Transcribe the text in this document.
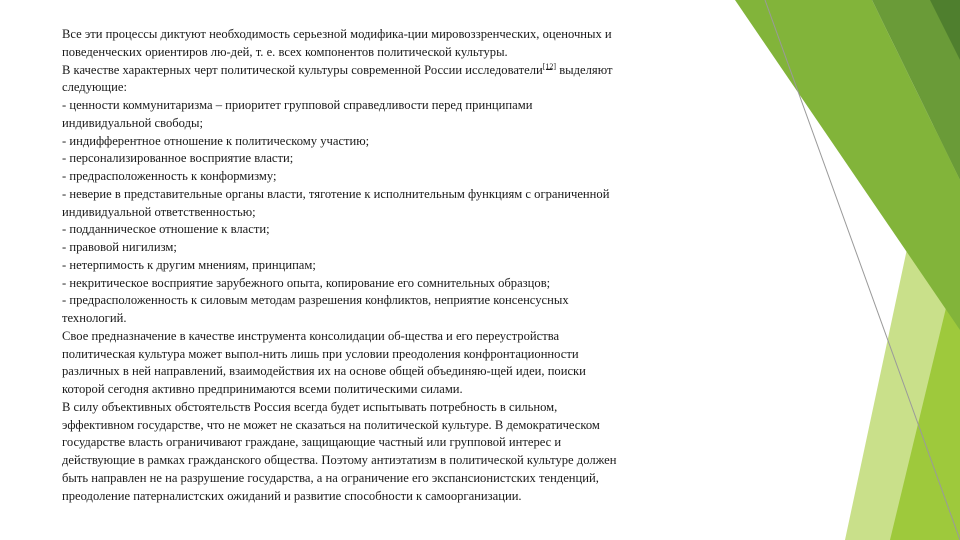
Все эти процессы диктуют необходимость серьезной модифика-ции мировоззренческих, оценочных и

поведенческих ориентиров лю-дей, т. е. всех компонентов политической культуры.

В качестве характерных черт политической культуры современной России исследователи[12] выделяют

следующие:

- ценности коммунитаризма – приоритет групповой справедливости перед принципами

индивидуальной свободы;

- индифферентное отношение к политическому участию;

- персонализированное восприятие власти;

- предрасположенность к конформизму;

- неверие в представительные органы власти, тяготение к исполнительным функциям с ограниченной

индивидуальной ответственностью;

- подданническое отношение к власти;

- правовой нигилизм;

- нетерпимость к другим мнениям, принципам;

- некритическое восприятие зарубежного опыта, копирование его сомнительных образцов;

- предрасположенность к силовым методам разрешения конфликтов, неприятие консенсусных

технологий.

Свое предназначение в качестве инструмента консолидации об-щества и его переустройства

политическая культура может выпол-нить лишь при условии преодоления конфронтационности

различных в ней направлений, взаимодействия их на основе общей объединяю-щей идеи, поиски

которой сегодня активно предпринимаются всеми политическими силами.

В силу объективных обстоятельств Россия всегда будет испытывать потребность в сильном,

эффективном государстве, что не может не сказаться на политической культуре. В демократическом

государстве власть ограничивают граждане, защищающие частный или групповой интерес и

действующие в рамках гражданского общества. Поэтому антиэтатизм в политической культуре должен

быть направлен не на разрушение государства, а на ограничение его экспансионистских тенденций,

преодоление патерналистских ожиданий и развитие способности к самоорганизации.
